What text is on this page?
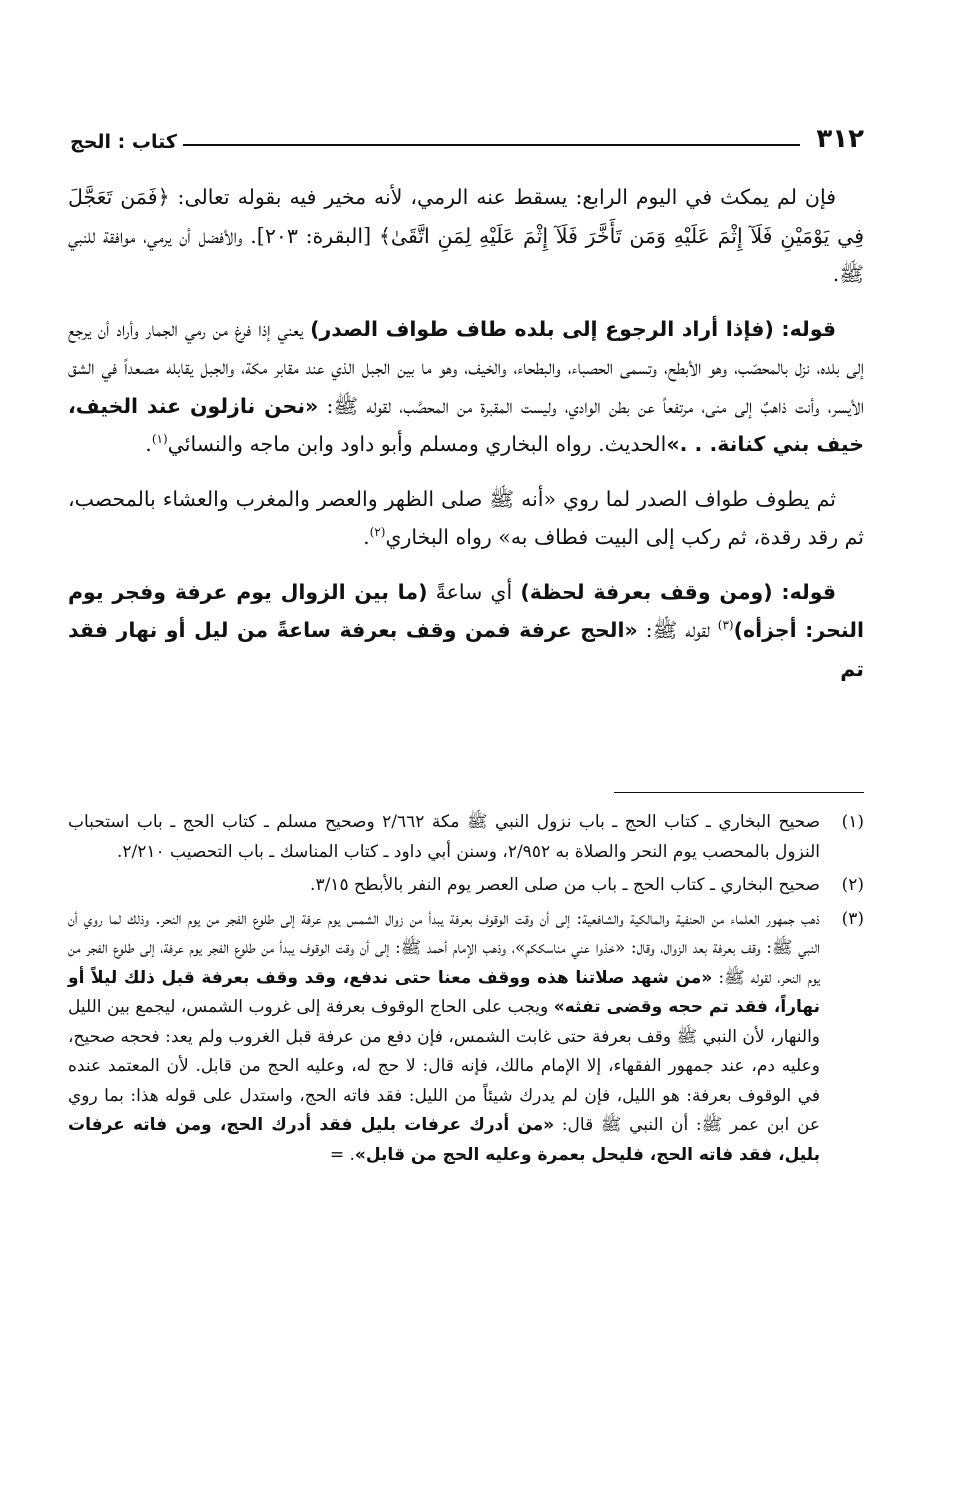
٣١٢
كتاب : الحج

فإن لم يمكث في اليوم الرابع: يسقط عنه الرمي، لأنه مخير فيه بقوله تعالى: ﴿فَمَن تَعَجَّلَ فِي يَوْمَيْنِ فَلَآ إِثْمَ عَلَيْهِ وَمَن تَأَخَّرَ فَلَآ إِثْمَ عَلَيْهِ لِمَنِ اتَّقَىٰ﴾ [البقرة: ٢٠٣]. والأفضل أن يرمي، موافقة للنبي ﷺ.

قوله: (فإذا أراد الرجوع إلى بلده طاف طواف الصدر) يعني إذا فرغ من رمي الجمار وأراد أن يرجع إلى بلده، نزل بالمحصّب، وهو الأبطح، وتسمى الحصباء، والبطحاء، والخيف، وهو ما بين الجبل الذي عند مقابر مكة، والجبل يقابله مصعداً في الشق الأيسر، وأنت ذاهبٌ إلى منى، مرتفعاً عن بطن الوادي، وليست المقبرة من المحصَّب، لقوله ﷺ: «نحن نازلون عند الخيف، خيف بني كنانة. . .»الحديث. رواه البخاري ومسلم وأبو داود وابن ماجه والنسائي$^{(١)}$.

ثم يطوف طواف الصدر لما روي «أنه ﷺ صلى الظهر والعصر والمغرب والعشاء بالمحصب، ثم رقد رقدة، ثم ركب إلى البيت فطاف به» رواه البخاري$^{(٢)}$.

قوله: (ومن وقف بعرفة لحظة) أي ساعةً (ما بين الزوال يوم عرفة وفجر يوم النحر: أجزأه)$^{(٣)}$ لقوله ﷺ: «الحج عرفة فمن وقف بعرفة ساعةً من ليل أو نهار فقد تم

(١)
صحيح البخاري ـ كتاب الحج ـ باب نزول النبي ﷺ مكة ٢/٦٦٢ وصحيح مسلم ـ كتاب الحج ـ باب استحباب النزول بالمحصب يوم النحر والصلاة به ٢/٩٥٢، وسنن أبي داود ـ كتاب المناسك ـ باب التحصيب ٢/٢١٠.
(٢)
صحيح البخاري ـ كتاب الحج ـ باب من صلى العصر يوم النفر بالأبطح ٣/١٥.
(٣)
ذهب جمهور العلماء من الحنفية والمالكية والشافعية: إلى أن وقت الوقوف بعرفة يبدأ من زوال الشمس يوم عرفة إلى طلوع الفجر من يوم النحر. وذلك لما روي أن النبي ﷺ: وقف بعرفة بعد الزوال، وقال: «خذوا عني مناسككم»، وذهب الإمام أحمد ﷺ: إلى أن وقت الوقوف يبدأ من طلوع الفجر يوم عرفة، إلى طلوع الفجر من يوم النحر، لقوله ﷺ: «من شهد صلاتنا هذه ووقف معنا حتى ندفع، وقد وقف بعرفة قبل ذلك ليلاً أو نهاراً، فقد تم حجه وقضى تفثه» ويجب على الحاج الوقوف بعرفة إلى غروب الشمس، ليجمع بين الليل والنهار، لأن النبي ﷺ وقف بعرفة حتى غابت الشمس، فإن دفع من عرفة قبل الغروب ولم يعد: فحجه صحيح، وعليه دم، عند جمهور الفقهاء، إلا الإمام مالك، فإنه قال: لا حج له، وعليه الحج من قابل. لأن المعتمد عنده في الوقوف بعرفة: هو الليل، فإن لم يدرك شيئاً من الليل: فقد فاته الحج، واستدل على قوله هذا: بما روي عن ابن عمر ﷺ: أن النبي ﷺ قال: «من أدرك عرفات بليل فقد أدرك الحج، ومن فاته عرفات بليل، فقد فاته الحج، فليحل بعمرة وعليه الحج من قابل». =
